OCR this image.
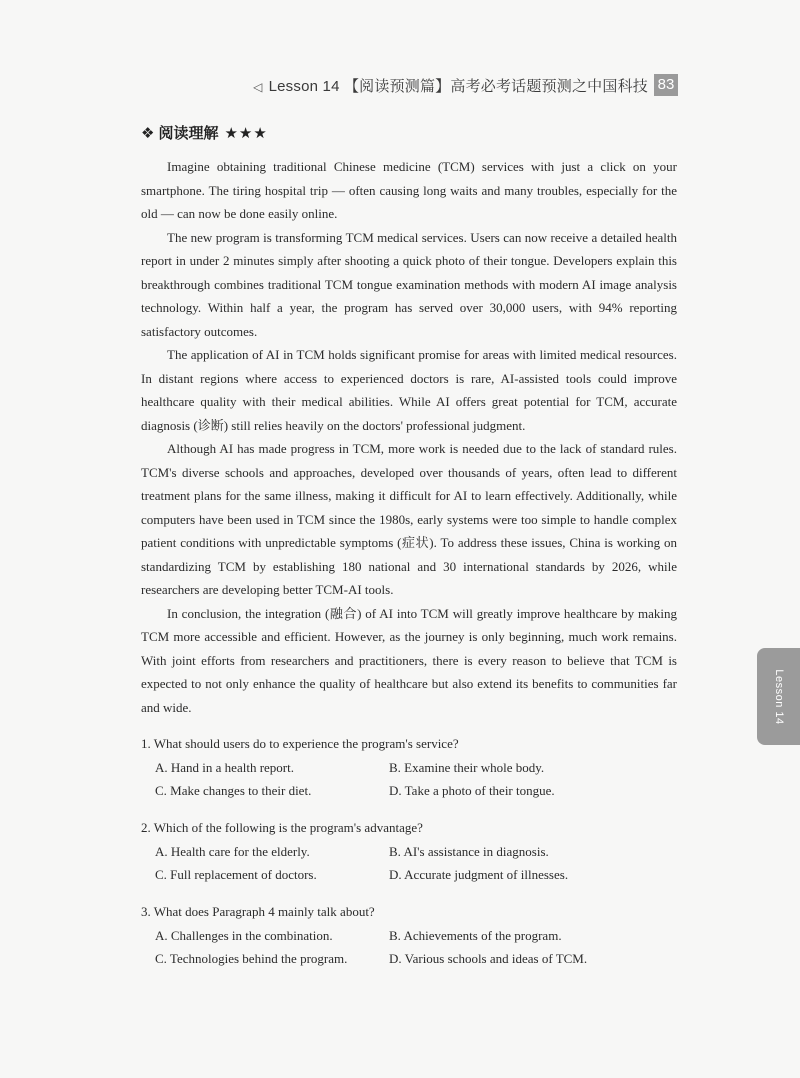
◁ Lesson 14 【阅读预测篇】高考必考话题预测之中国科技 83
❖ 阅读理解 ★★★

Imagine obtaining traditional Chinese medicine (TCM) services with just a click on your smartphone. The tiring hospital trip — often causing long waits and many troubles, especially for the old — can now be done easily online.

The new program is transforming TCM medical services. Users can now receive a detailed health report in under 2 minutes simply after shooting a quick photo of their tongue. Developers explain this breakthrough combines traditional TCM tongue examination methods with modern AI image analysis technology. Within half a year, the program has served over 30,000 users, with 94% reporting satisfactory outcomes.

The application of AI in TCM holds significant promise for areas with limited medical resources. In distant regions where access to experienced doctors is rare, AI-assisted tools could improve healthcare quality with their medical abilities. While AI offers great potential for TCM, accurate diagnosis (诊断) still relies heavily on the doctors' professional judgment.

Although AI has made progress in TCM, more work is needed due to the lack of standard rules. TCM's diverse schools and approaches, developed over thousands of years, often lead to different treatment plans for the same illness, making it difficult for AI to learn effectively. Additionally, while computers have been used in TCM since the 1980s, early systems were too simple to handle complex patient conditions with unpredictable symptoms (症状). To address these issues, China is working on standardizing TCM by establishing 180 national and 30 international standards by 2026, while researchers are developing better TCM-AI tools.

In conclusion, the integration (融合) of AI into TCM will greatly improve healthcare by making TCM more accessible and efficient. However, as the journey is only beginning, much work remains. With joint efforts from researchers and practitioners, there is every reason to believe that TCM is expected to not only enhance the quality of healthcare but also extend its benefits to communities far and wide.

1. What should users do to experience the program's service?
A. Hand in a health report.	B. Examine their whole body.
C. Make changes to their diet.	D. Take a photo of their tongue.
2. Which of the following is the program's advantage?
A. Health care for the elderly.	B. AI's assistance in diagnosis.
C. Full replacement of doctors.	D. Accurate judgment of illnesses.
3. What does Paragraph 4 mainly talk about?
A. Challenges in the combination.	B. Achievements of the program.
C. Technologies behind the program.	D. Various schools and ideas of TCM.
Lesson 14
